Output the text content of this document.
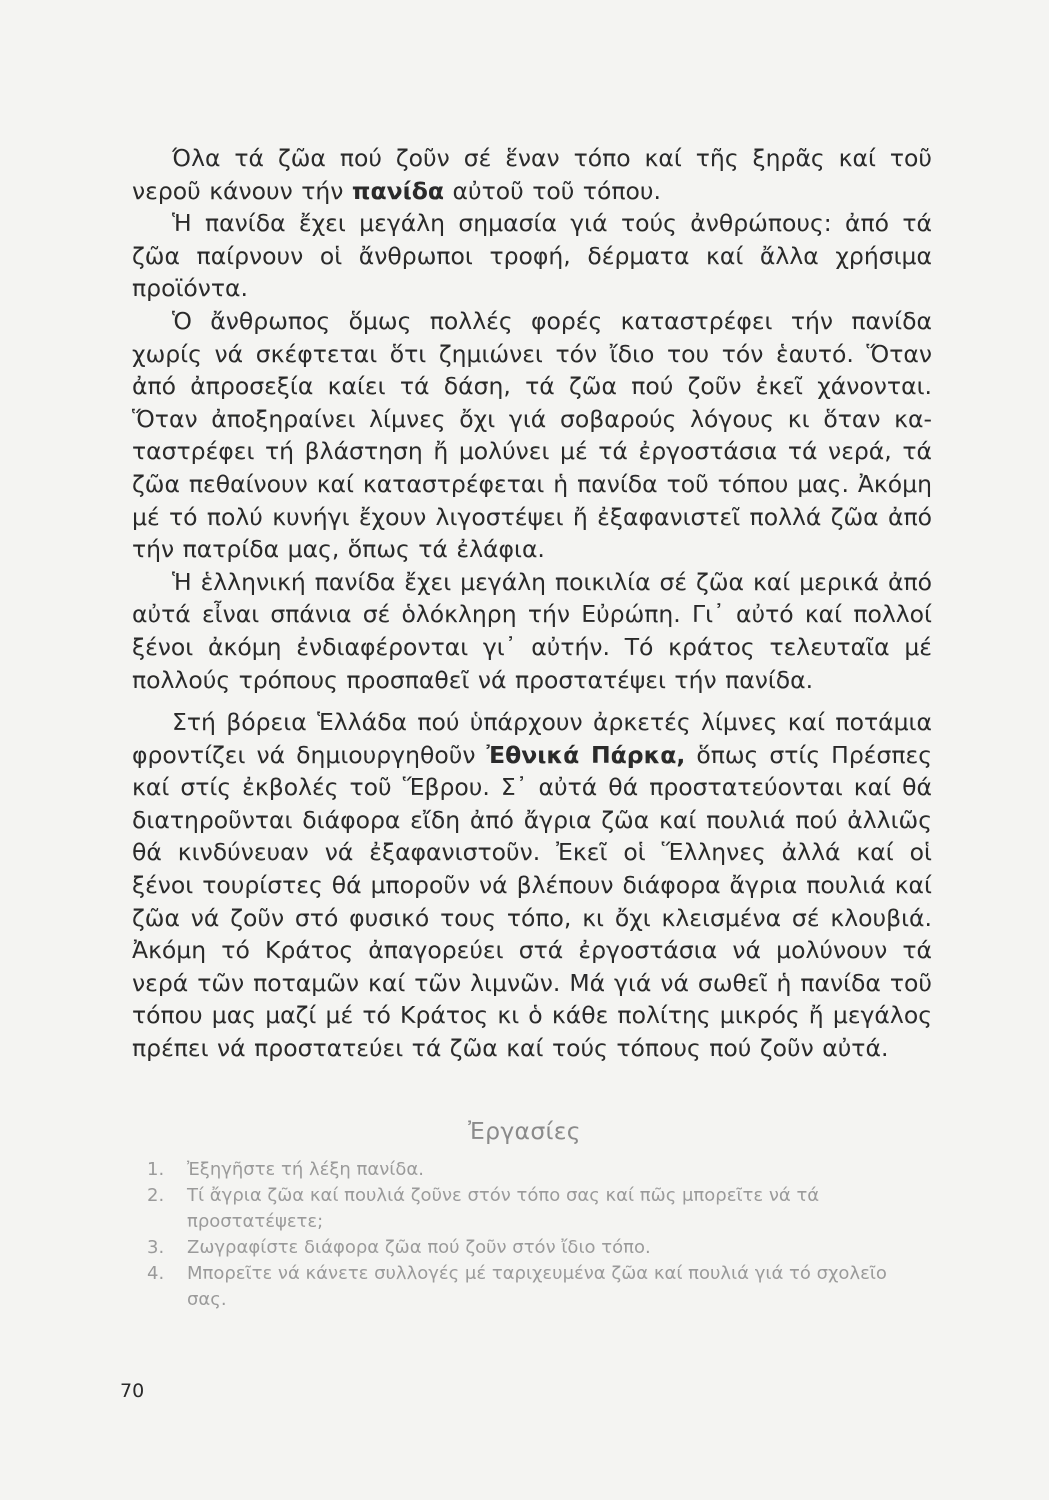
Όλα τά ζῶα πού ζοῦν σέ ἕναν τόπο καί τῆς ξηρᾶς καί τοῦ νεροῦ κάνουν τήν πανίδα αὐτοῦ τοῦ τόπου.

Ἡ πανίδα ἔχει μεγάλη σημασία γιά τούς ἀνθρώπους: ἀπό τά ζῶα παίρνουν οἱ ἄνθρωποι τροφή, δέρματα καί ἄλλα χρήσιμα προϊόντα.

Ὁ ἄνθρωπος ὅμως πολλές φορές καταστρέφει τήν πανίδα χωρίς νά σκέφτεται ὅτι ζημιώνει τόν ἴδιο του τόν ἑαυτό. Ὅταν ἀπό ἀπροσεξία καίει τά δάση, τά ζῶα πού ζοῦν ἐκεῖ χάνονται. Ὅταν ἀποξηραίνει λίμνες ὄχι γιά σοβαρούς λόγους κι ὅταν καταστρέφει τή βλάστηση ἤ μολύνει μέ τά ἐργοστάσια τά νερά, τά ζῶα πεθαίνουν καί καταστρέφεται ἡ πανίδα τοῦ τόπου μας. Ἀκόμη μέ τό πολύ κυνήγι ἔχουν λιγοστέψει ἤ ἐξαφανιστεῖ πολλά ζῶα ἀπό τήν πατρίδα μας, ὅπως τά ἐλάφια.

Ἡ ἑλληνική πανίδα ἔχει μεγάλη ποικιλία σέ ζῶα καί μερικά ἀπό αὐτά εἶναι σπάνια σέ ὁλόκληρη τήν Εὐρώπη. Γι᾽ αὐτό καί πολλοί ξένοι ἀκόμη ἐνδιαφέρονται γι᾽ αὐτήν. Τό κράτος τελευταῖα μέ πολλούς τρόπους προσπαθεῖ νά προστατέψει τήν πανίδα.

Στή βόρεια Ἑλλάδα πού ὑπάρχουν ἀρκετές λίμνες καί ποτάμια φροντίζει νά δημιουργηθοῦν Ἐθνικά Πάρκα, ὅπως στίς Πρέσπες καί στίς ἐκβολές τοῦ Ἕβρου. Σ᾽ αὐτά θά προστατεύονται καί θά διατηροῦνται διάφορα εἴδη ἀπό ἄγρια ζῶα καί πουλιά πού ἀλλιῶς θά κινδύνευαν νά ἐξαφανιστοῦν. Ἐκεῖ οἱ Ἕλληνες ἀλλά καί οἱ ξένοι τουρίστες θά μποροῦν νά βλέπουν διάφορα ἄγρια πουλιά καί ζῶα νά ζοῦν στό φυσικό τους τόπο, κι ὄχι κλεισμένα σέ κλουβιά. Ἀκόμη τό Κράτος ἀπαγορεύει στά ἐργοστάσια νά μολύνουν τά νερά τῶν ποταμῶν καί τῶν λιμνῶν. Μά γιά νά σωθεῖ ἡ πανίδα τοῦ τόπου μας μαζί μέ τό Κράτος κι ὁ κάθε πολίτης μικρός ἤ μεγάλος πρέπει νά προστατεύει τά ζῶα καί τούς τόπους πού ζοῦν αὐτά.

Ἐργασίες
1. Ἐξηγῆστε τή λέξη πανίδα.
2. Τί ἄγρια ζῶα καί πουλιά ζοῦνε στόν τόπο σας καί πῶς μπορεῖτε νά τά προστατέψετε;
3. Ζωγραφίστε διάφορα ζῶα πού ζοῦν στόν ἴδιο τόπο.
4. Μπορεῖτε νά κάνετε συλλογές μέ ταριχευμένα ζῶα καί πουλιά γιά τό σχολεῖο σας.
70
